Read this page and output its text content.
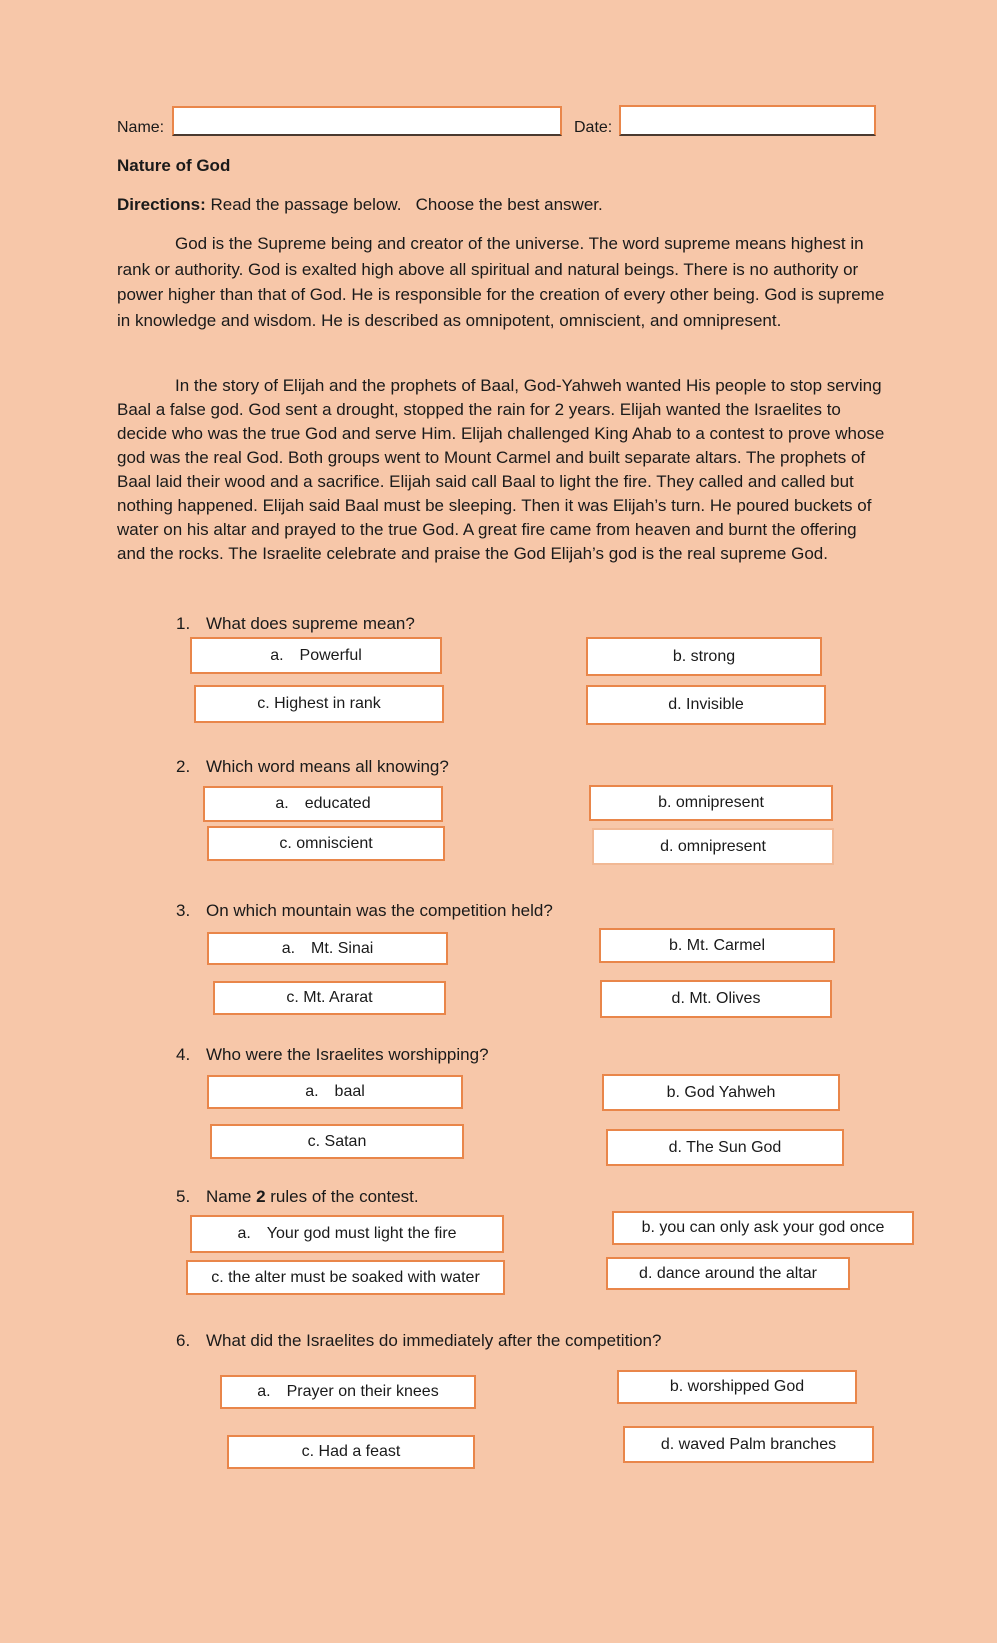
Name:	Date:
Nature of God
Directions: Read the passage below.   Choose the best answer.

God is the Supreme being and creator of the universe. The word supreme means highest in rank or authority. God is exalted high above all spiritual and natural beings. There is no authority or power higher than that of God. He is responsible for the creation of every other being. God is supreme in knowledge and wisdom. He is described as omnipotent, omniscient, and omnipresent.

In the story of Elijah and the prophets of Baal, God-Yahweh wanted His people to stop serving Baal a false god. God sent a drought, stopped the rain for 2 years. Elijah wanted the Israelites to decide who was the true God and serve Him. Elijah challenged King Ahab to a contest to prove whose god was the real God. Both groups went to Mount Carmel and built separate altars. The prophets of Baal laid their wood and a sacrifice. Elijah said call Baal to light the fire. They called and called but nothing happened. Elijah said Baal must be sleeping. Then it was Elijah’s turn. He poured buckets of water on his altar and prayed to the true God. A great fire came from heaven and burnt the offering and the rocks. The Israelite celebrate and praise the God Elijah’s god is the real supreme God.

1. What does supreme mean?
a. Powerful	b. strong
c. Highest in rank	d. Invisible
2. Which word means all knowing?
a. educated	b. omnipresent
c. omniscient	d. omnipresent
3. On which mountain was the competition held?
a. Mt. Sinai	b. Mt. Carmel
c. Mt. Ararat	d. Mt. Olives
4. Who were the Israelites worshipping?
a. baal	b. God Yahweh
c. Satan	d. The Sun God
5. Name 2 rules of the contest.
a. Your god must light the fire	b. you can only ask your god once
c. the alter must be soaked with water	d. dance around the altar
6. What did the Israelites do immediately after the competition?
a. Prayer on their knees	b. worshipped God
c. Had a feast	d. waved Palm branches
